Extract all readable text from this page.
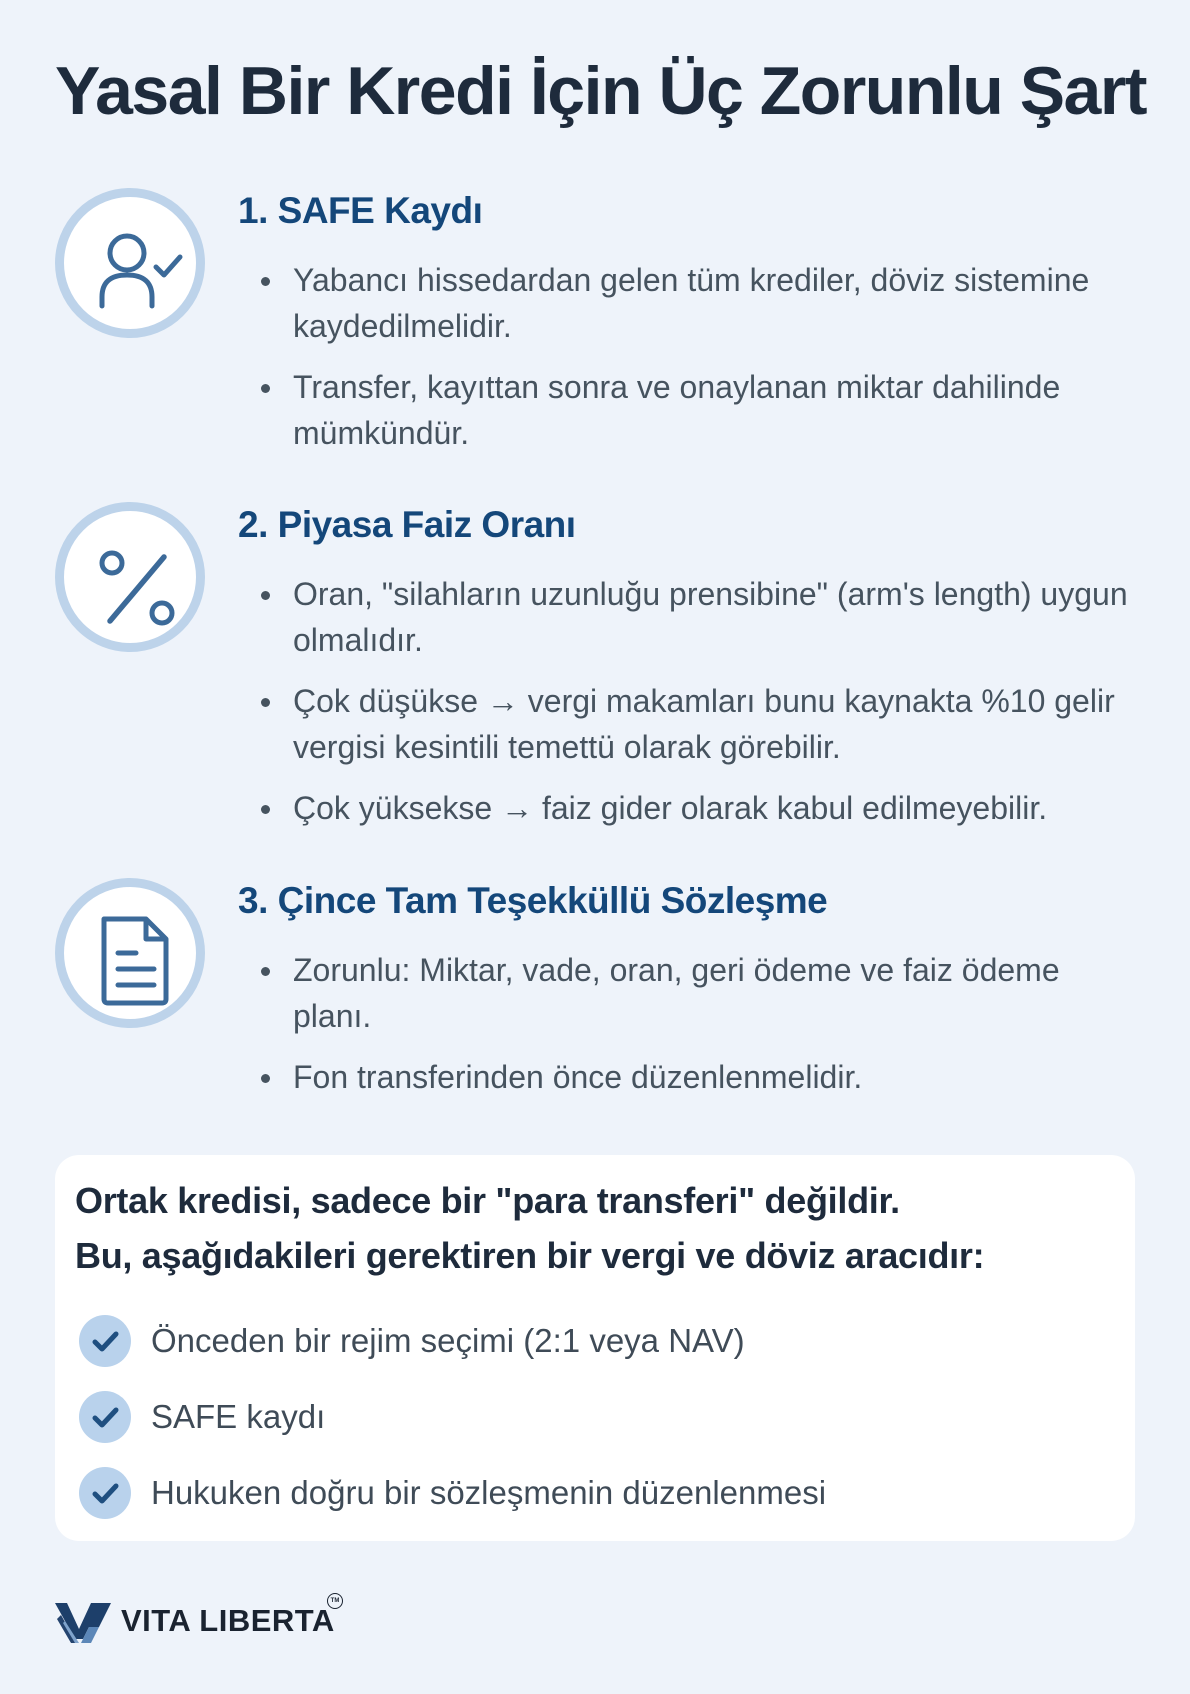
Yasal Bir Kredi İçin Üç Zorunlu Şart
1. SAFE Kaydı
Yabancı hissedardan gelen tüm krediler, döviz sistemine kaydedilmelidir.
Transfer, kayıttan sonra ve onaylanan miktar dahilinde mümkündür.
2. Piyasa Faiz Oranı
Oran, "silahların uzunluğu prensibine" (arm's length) uygun olmalıdır.
Çok düşükse → vergi makamları bunu kaynakta %10 gelir vergisi kesintili temettü olarak görebilir.
Çok yüksekse → faiz gider olarak kabul edilmeyebilir.
3. Çince Tam Teşekküllü Sözleşme
Zorunlu: Miktar, vade, oran, geri ödeme ve faiz ödeme planı.
Fon transferinden önce düzenlenmelidir.

Ortak kredisi, sadece bir "para transferi" değildir.

Bu, aşağıdakileri gerektiren bir vergi ve döviz aracıdır:

Önceden bir rejim seçimi (2:1 veya NAV)
SAFE kaydı
Hukuken doğru bir sözleşmenin düzenlenmesi
VITA LIBERTA
TM
